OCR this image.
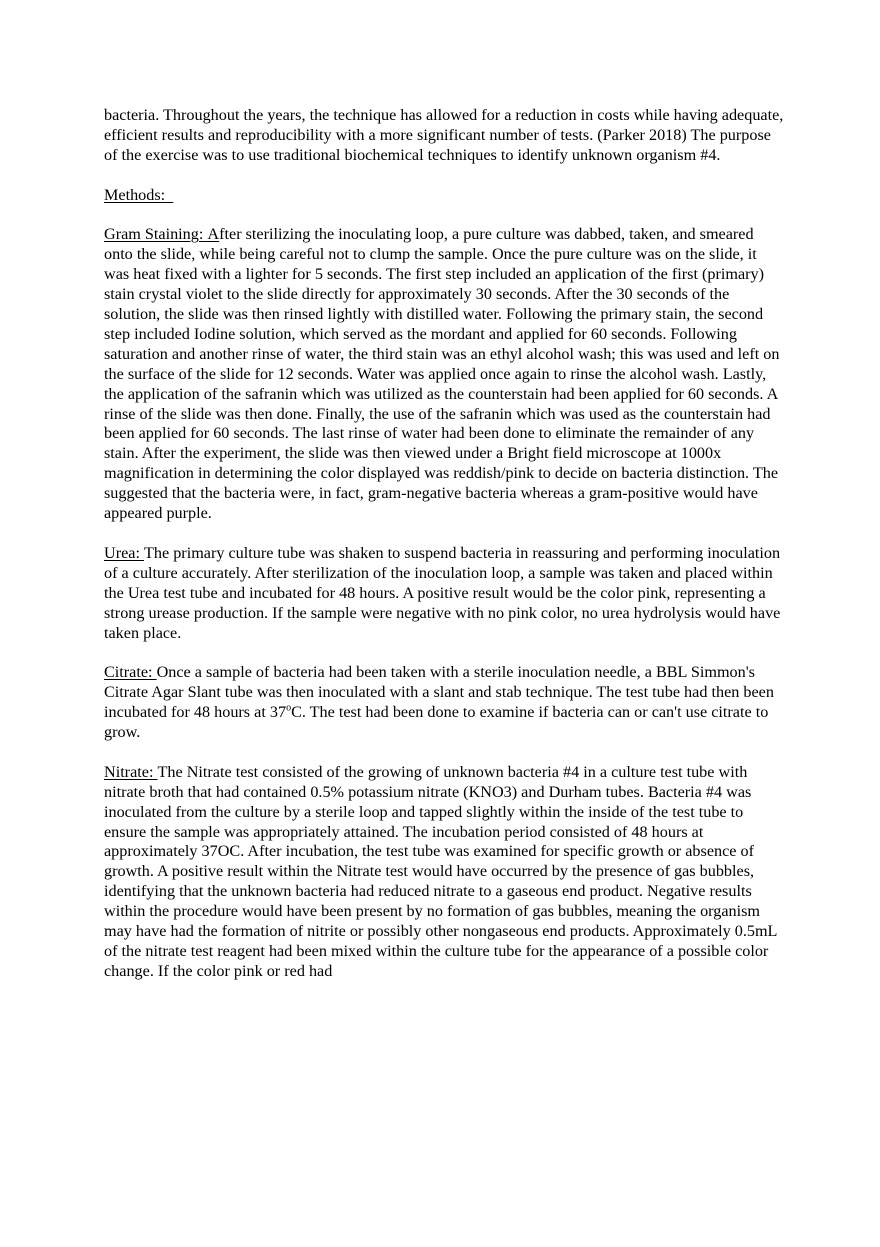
bacteria. Throughout the years, the technique has allowed for a reduction in costs while having adequate, efficient results and reproducibility with a more significant number of tests. (Parker 2018) The purpose of the exercise was to use traditional biochemical techniques to identify unknown organism #4.

Methods:

Gram Staining: After sterilizing the inoculating loop, a pure culture was dabbed, taken, and smeared onto the slide, while being careful not to clump the sample. Once the pure culture was on the slide, it was heat fixed with a lighter for 5 seconds. The first step included an application of the first (primary) stain crystal violet to the slide directly for approximately 30 seconds. After the 30 seconds of the solution, the slide was then rinsed lightly with distilled water. Following the primary stain, the second step included Iodine solution, which served as the mordant and applied for 60 seconds. Following saturation and another rinse of water, the third stain was an ethyl alcohol wash; this was used and left on the surface of the slide for 12 seconds. Water was applied once again to rinse the alcohol wash. Lastly, the application of the safranin which was utilized as the counterstain had been applied for 60 seconds. A rinse of the slide was then done. Finally, the use of the safranin which was used as the counterstain had been applied for 60 seconds. The last rinse of water had been done to eliminate the remainder of any stain. After the experiment, the slide was then viewed under a Bright field microscope at 1000x magnification in determining the color displayed was reddish/pink to decide on bacteria distinction. The suggested that the bacteria were, in fact, gram-negative bacteria whereas a gram-positive would have appeared purple.

Urea: The primary culture tube was shaken to suspend bacteria in reassuring and performing inoculation of a culture accurately. After sterilization of the inoculation loop, a sample was taken and placed within the Urea test tube and incubated for 48 hours. A positive result would be the color pink, representing a strong urease production. If the sample were negative with no pink color, no urea hydrolysis would have taken place.

Citrate: Once a sample of bacteria had been taken with a sterile inoculation needle, a BBL Simmon's Citrate Agar Slant tube was then inoculated with a slant and stab technique. The test tube had then been incubated for 48 hours at 37$^o$C. The test had been done to examine if bacteria can or can't use citrate to grow.

Nitrate: The Nitrate test consisted of the growing of unknown bacteria #4 in a culture test tube with nitrate broth that had contained 0.5% potassium nitrate (KNO3) and Durham tubes. Bacteria #4 was inoculated from the culture by a sterile loop and tapped slightly within the inside of the test tube to ensure the sample was appropriately attained. The incubation period consisted of 48 hours at approximately 37OC. After incubation, the test tube was examined for specific growth or absence of growth. A positive result within the Nitrate test would have occurred by the presence of gas bubbles, identifying that the unknown bacteria had reduced nitrate to a gaseous end product. Negative results within the procedure would have been present by no formation of gas bubbles, meaning the organism may have had the formation of nitrite or possibly other nongaseous end products. Approximately 0.5mL of the nitrate test reagent had been mixed within the culture tube for the appearance of a possible color change. If the color pink or red had
